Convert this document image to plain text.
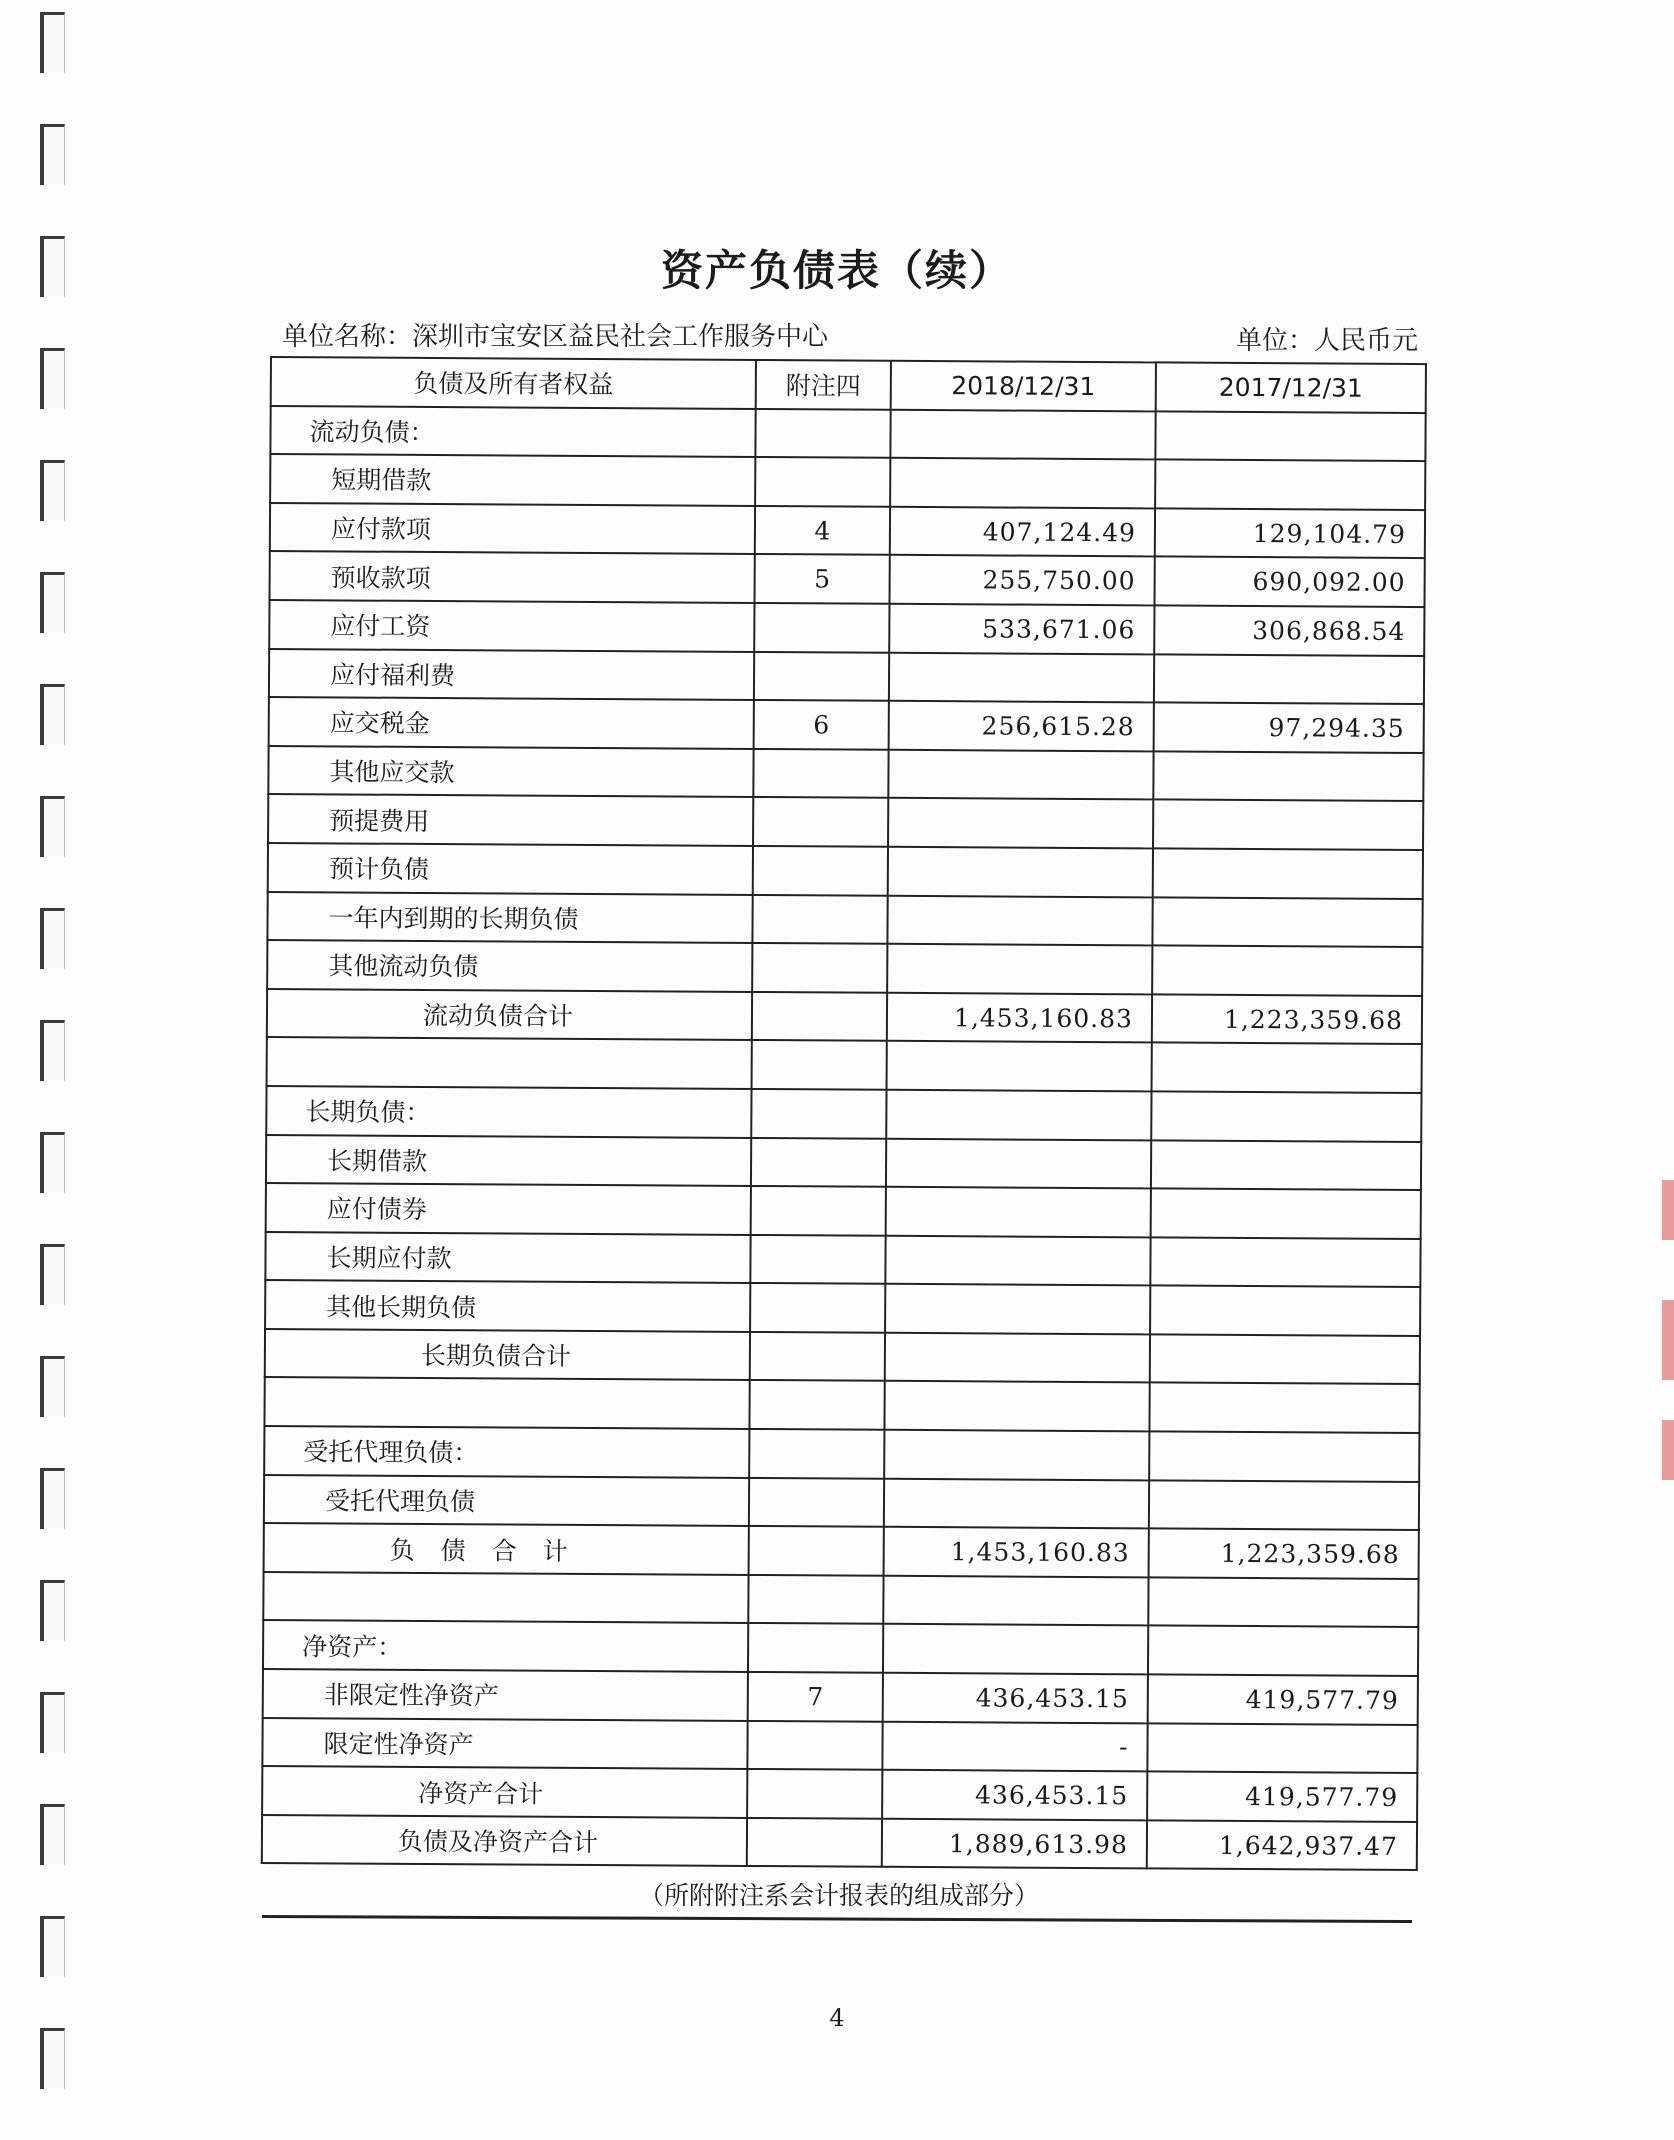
资产负债表（续）
单位名称：深圳市宝安区益民社会工作服务中心	单位：人民币元
负债及所有者权益	附注四	2018/12/31	2017/12/31
流动负债：			
短期借款			
应付款项	4	407,124.49	129,104.79
预收款项	5	255,750.00	690,092.00
应付工资		533,671.06	306,868.54
应付福利费			
应交税金	6	256,615.28	97,294.35
其他应交款			
预提费用			
预计负债			
一年内到期的长期负债			
其他流动负债			
流动负债合计		1,453,160.83	1,223,359.68

长期负债：			
长期借款			
应付债券			
长期应付款			
其他长期负债			
长期负债合计			

受托代理负债：			
受托代理负债			
负债合计		1,453,160.83	1,223,359.68

净资产：			
非限定性净资产	7	436,453.15	419,577.79
限定性净资产		-	
净资产合计		436,453.15	419,577.79
负债及净资产合计		1,889,613.98	1,642,937.47
（所附附注系会计报表的组成部分）
4
